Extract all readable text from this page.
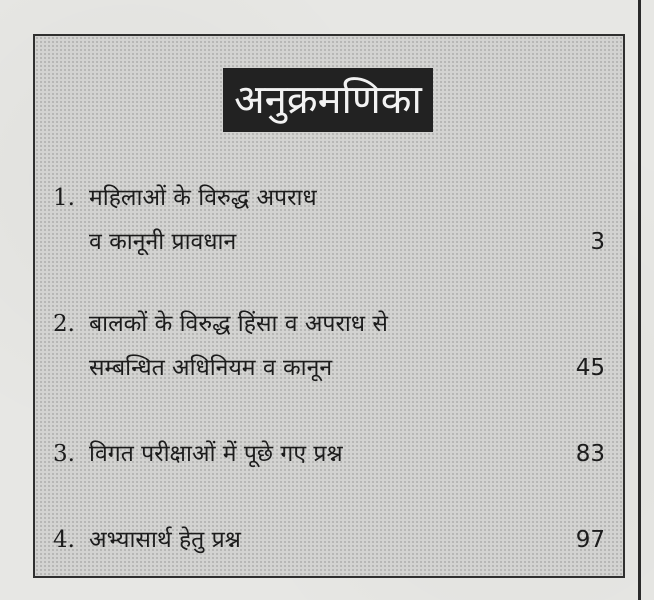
अनुक्रमणिका
1. महिलाओं के विरुद्ध अपराध
व कानूनी प्रावधान	3
2. बालकों के विरुद्ध हिंसा व अपराध से
सम्बन्धित अधिनियम व कानून	45
3. विगत परीक्षाओं में पूछे गए प्रश्न	83
4. अभ्यासार्थ हेतु प्रश्न	97
